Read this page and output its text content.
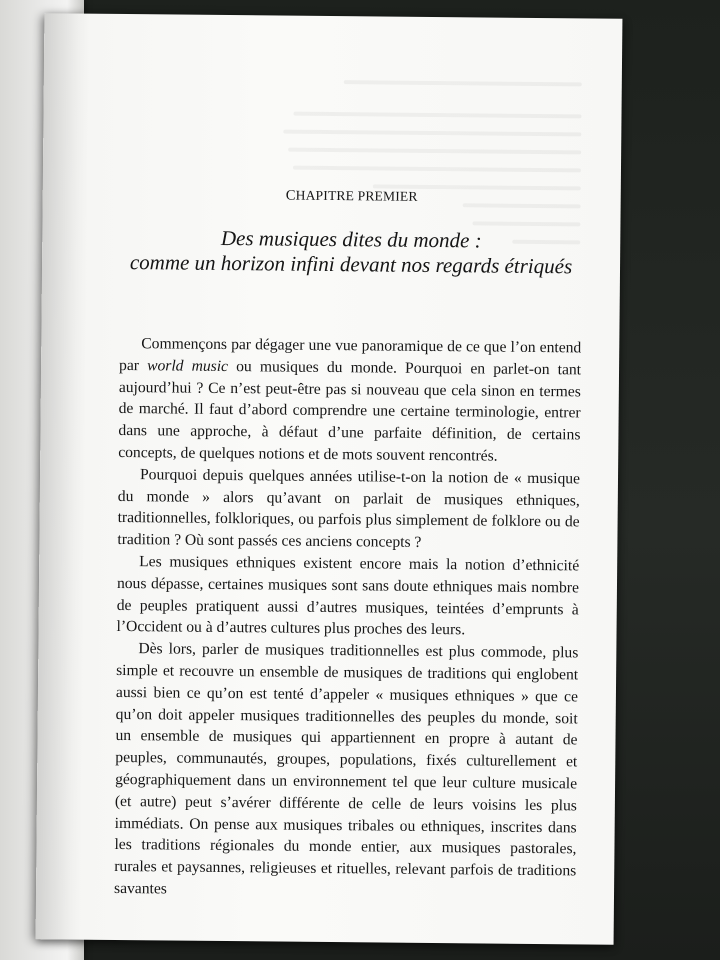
CHAPITRE PREMIER
Des musiques dites du monde :
comme un horizon infini devant nos regards étriqués

Commençons par dégager une vue panoramique de ce que l’on entend par world music ou musiques du monde. Pourquoi en parlet-on tant aujourd’hui ? Ce n’est peut-être pas si nouveau que cela sinon en termes de marché. Il faut d’abord comprendre une certaine terminologie, entrer dans une approche, à défaut d’une parfaite définition, de certains concepts, de quelques notions et de mots souvent rencontrés.

Pourquoi depuis quelques années utilise-t-on la notion de « musique du monde » alors qu’avant on parlait de musiques ethniques, traditionnelles, folkloriques, ou parfois plus simplement de folklore ou de tradition ? Où sont passés ces anciens concepts ?

Les musiques ethniques existent encore mais la notion d’ethnicité nous dépasse, certaines musiques sont sans doute ethniques mais nombre de peuples pratiquent aussi d’autres musiques, teintées d’emprunts à l’Occident ou à d’autres cultures plus proches des leurs.

Dès lors, parler de musiques traditionnelles est plus commode, plus simple et recouvre un ensemble de musiques de traditions qui englobent aussi bien ce qu’on est tenté d’appeler « musiques ethniques » que ce qu’on doit appeler musiques traditionnelles des peuples du monde, soit un ensemble de musiques qui appartiennent en propre à autant de peuples, communautés, groupes, populations, fixés culturellement et géographiquement dans un environnement tel que leur culture musicale (et autre) peut s’avérer différente de celle de leurs voisins les plus immédiats. On pense aux musiques tribales ou ethniques, inscrites dans les traditions régionales du monde entier, aux musiques pastorales, rurales et paysannes, religieuses et rituelles, relevant parfois de traditions savantes
